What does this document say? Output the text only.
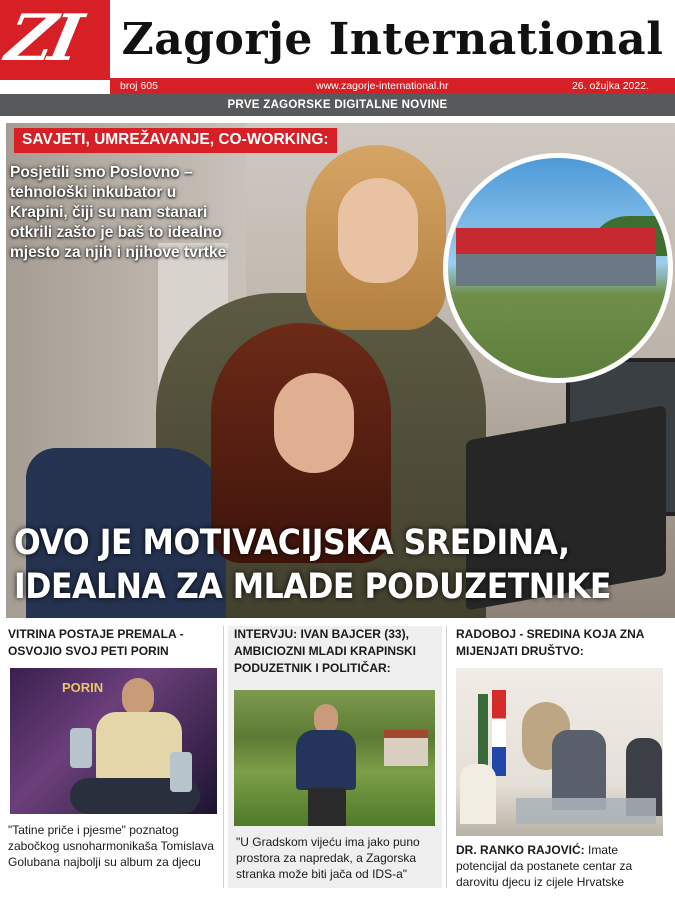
ZI Zagorje International
broj 605	www.zagorje-international.hr	26. ožujka 2022.
PRVE ZAGORSKE DIGITALNE NOVINE
SAVJETI, UMREŽAVANJE, CO-WORKING:
Posjetili smo Poslovno – tehnološki inkubator u Krapini, čiji su nam stanari otkrili zašto je baš to idealno mjesto za njih i njihove tvrtke
OVO JE MOTIVACIJSKA SREDINA,
IDEALNA ZA MLADE PODUZETNIKE
VITRINA POSTAJE PREMALA - OSVOJIO SVOJ PETI PORIN
PORIN
"Tatine priče i pjesme" poznatog zabočkog usnoharmonikaša Tomislava Golubana najbolji su album za djecu
INTERVJU: IVAN BAJCER (33), AMBICIOZNI MLADI KRAPINSKI PODUZETNIK I POLITIČAR:
"U Gradskom vijeću ima jako puno prostora za napredak, a Zagorska stranka može biti jača od IDS-a"
RADOBOJ - SREDINA KOJA ZNA MIJENJATI DRUŠTVO:
DR. RANKO RAJOVIĆ: Imate potencijal da postanete centar za darovitu djecu iz cijele Hrvatske
